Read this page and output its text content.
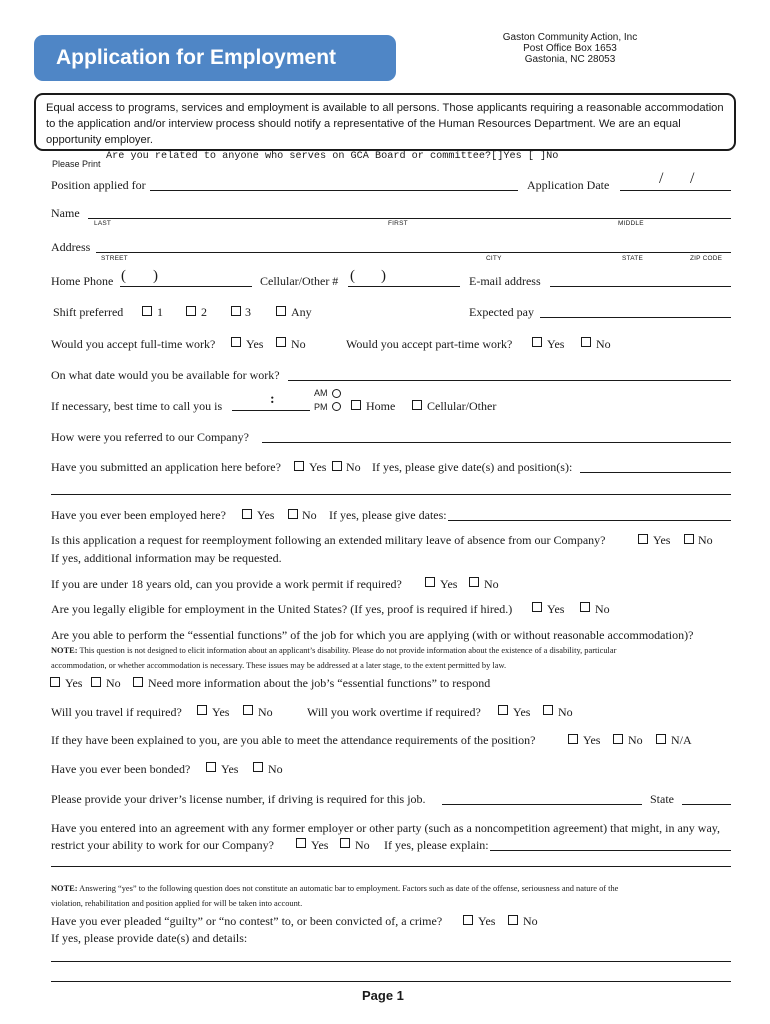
Application for Employment
Gaston Community Action, Inc
Post Office Box 1653
Gastonia, NC 28053
Equal access to programs, services and employment is available to all persons. Those applicants requiring a reasonable accommodation to the application and/or interview process should notify a representative of the Human Resources Department. We are an equal opportunity employer.
Please Print
Are you related to anyone who serves on GCA Board or committee?[]Yes [ ]No
Position applied for	Application Date	/ /
Name
LAST	FIRST	MIDDLE
Address
STREET	CITY	STATE	ZIP CODE
Home Phone ( )	Cellular/Other # ( )	E-mail address
Shift preferred	1	2	3	Any	Expected pay
Would you accept full-time work?	Yes No	Would you accept part-time work?	Yes	No
On what date would you be available for work?
If necessary, best time to call you is	:	AM
PM	Home	Cellular/Other
How were you referred to our Company?
Have you submitted an application here before? Yes No If yes, please give date(s) and position(s):
Have you ever been employed here?	Yes No If yes, please give dates:
Is this application a request for reemployment following an extended military leave of absence from our Company?	Yes No
If yes, additional information may be requested.
If you are under 18 years old, can you provide a work permit if required?	Yes No
Are you legally eligible for employment in the United States? (If yes, proof is required if hired.)	Yes	No
Are you able to perform the “essential functions” of the job for which you are applying (with or without reasonable accommodation)?
NOTE: This question is not designed to elicit information about an applicant’s disability. Please do not provide information about the existence of a disability, particular
accommodation, or whether accommodation is necessary. These issues may be addressed at a later stage, to the extent permitted by law.
Yes No Need more information about the job’s “essential functions” to respond
Will you travel if required?	Yes No	Will you work overtime if required?	Yes No
If they have been explained to you, are you able to meet the attendance requirements of the position?	Yes No N/A
Have you ever been bonded?	Yes No
Please provide your driver’s license number, if driving is required for this job.	State
Have you entered into an agreement with any former employer or other party (such as a noncompetition agreement) that might, in any way,
restrict your ability to work for our Company?	Yes No If yes, please explain:
NOTE: Answering “yes” to the following question does not constitute an automatic bar to employment. Factors such as date of the offense, seriousness and nature of the
violation, rehabilitation and position applied for will be taken into account.
Have you ever pleaded “guilty” or “no contest” to, or been convicted of, a crime?	Yes No
If yes, please provide date(s) and details:
Page 1
